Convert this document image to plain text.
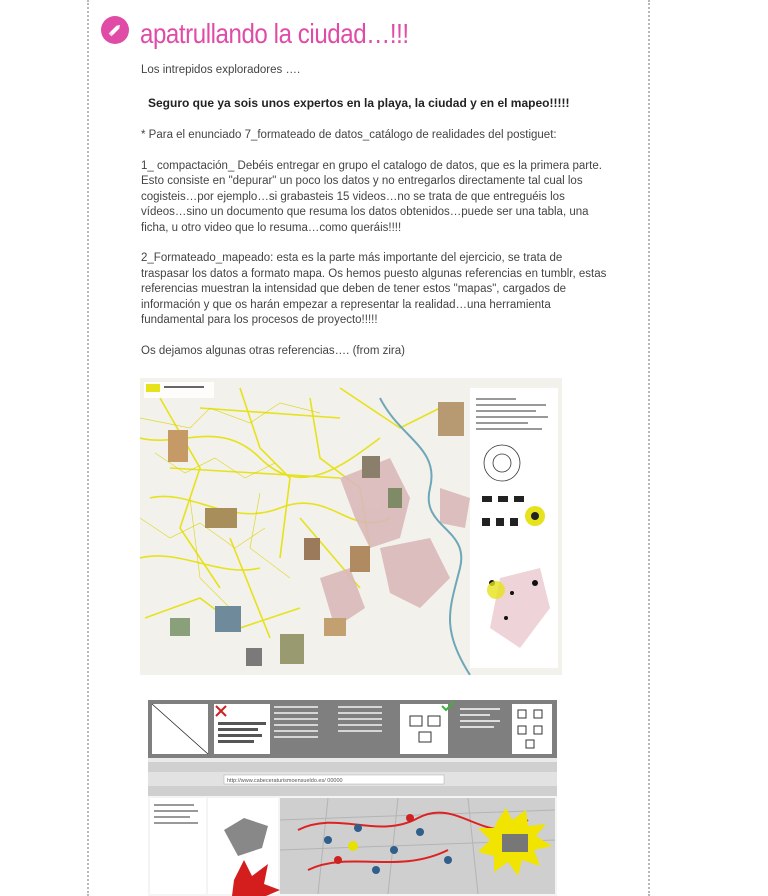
apatrullando la ciudad…!!!

Los intrepidos exploradores ….

Seguro que ya sois unos expertos en la playa, la ciudad y en el mapeo!!!!!

* Para el enunciado 7_formateado de datos_catálogo de realidades del postiguet:

1_ compactación_ Debéis entregar en grupo el catalogo de datos, que es la primera parte. Esto consiste en "depurar" un poco los datos y no entregarlos directamente tal cual los cogisteis…por ejemplo…si grabasteis 15 videos…no se trata de que entreguéis los vídeos…sino un documento que resuma los datos obtenidos…puede ser una tabla, una ficha, u otro video que lo resuma…como queráis!!!!

2_Formateado_mapeado: esta es la parte más importante del ejercicio, se trata de traspasar los datos a formato mapa. Os hemos puesto algunas referencias en tumblr, estas referencias muestran la intensidad que deben de tener estos "mapas", cargados de información y que os harán empezar a representar la realidad…una herramienta fundamental para los procesos de proyecto!!!!!

Os dejamos algunas otras referencias…. (from zira)

http://www.cabeceraturismoensueldo.es/ 00000
